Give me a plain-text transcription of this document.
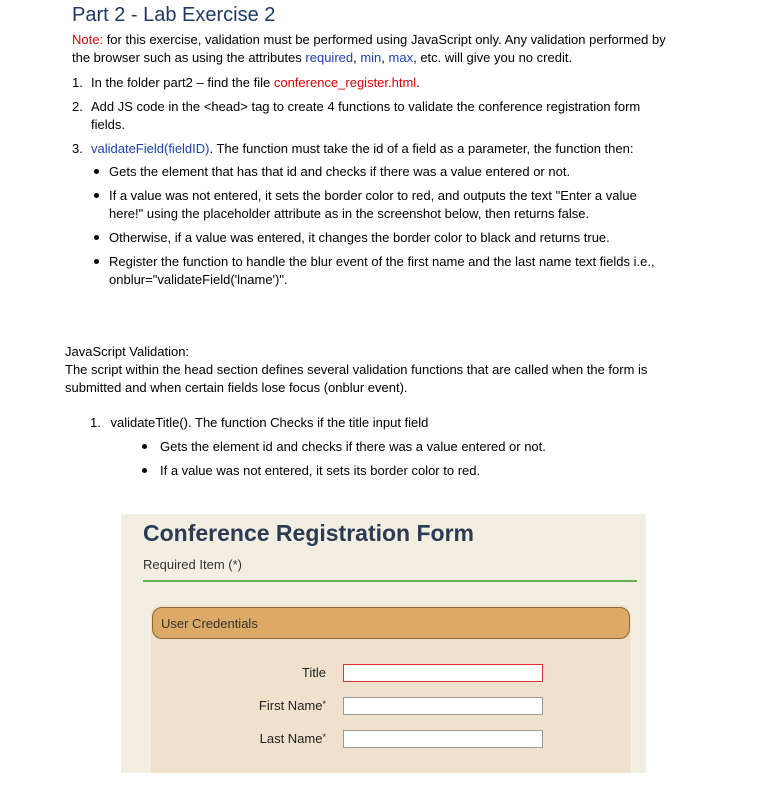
Part 2 - Lab Exercise 2
Note: for this exercise, validation must be performed using JavaScript only. Any validation performed by
the browser such as using the attributes required, min, max, etc. will give you no credit.
1. In the folder part2 – find the file conference_register.html.
2. Add JS code in the <head> tag to create 4 functions to validate the conference registration form
fields.
3. validateField(fieldID). The function must take the id of a field as a parameter, the function then:
Gets the element that has that id and checks if there was a value entered or not.
If a value was not entered, it sets the border color to red, and outputs the text "Enter a value
here!" using the placeholder attribute as in the screenshot below, then returns false.
Otherwise, if a value was entered, it changes the border color to black and returns true.
Register the function to handle the blur event of the first name and the last name text fields i.e.,
onblur="validateField('lname')".
JavaScript Validation:
The script within the head section defines several validation functions that are called when the form is
submitted and when certain fields lose focus (onblur event).
1. validateTitle(). The function Checks if the title input field
Gets the element id and checks if there was a value entered or not.
If a value was not entered, it sets its border color to red.
Conference Registration Form
Required Item (*)
User Credentials
Title
First Name*
Last Name*
